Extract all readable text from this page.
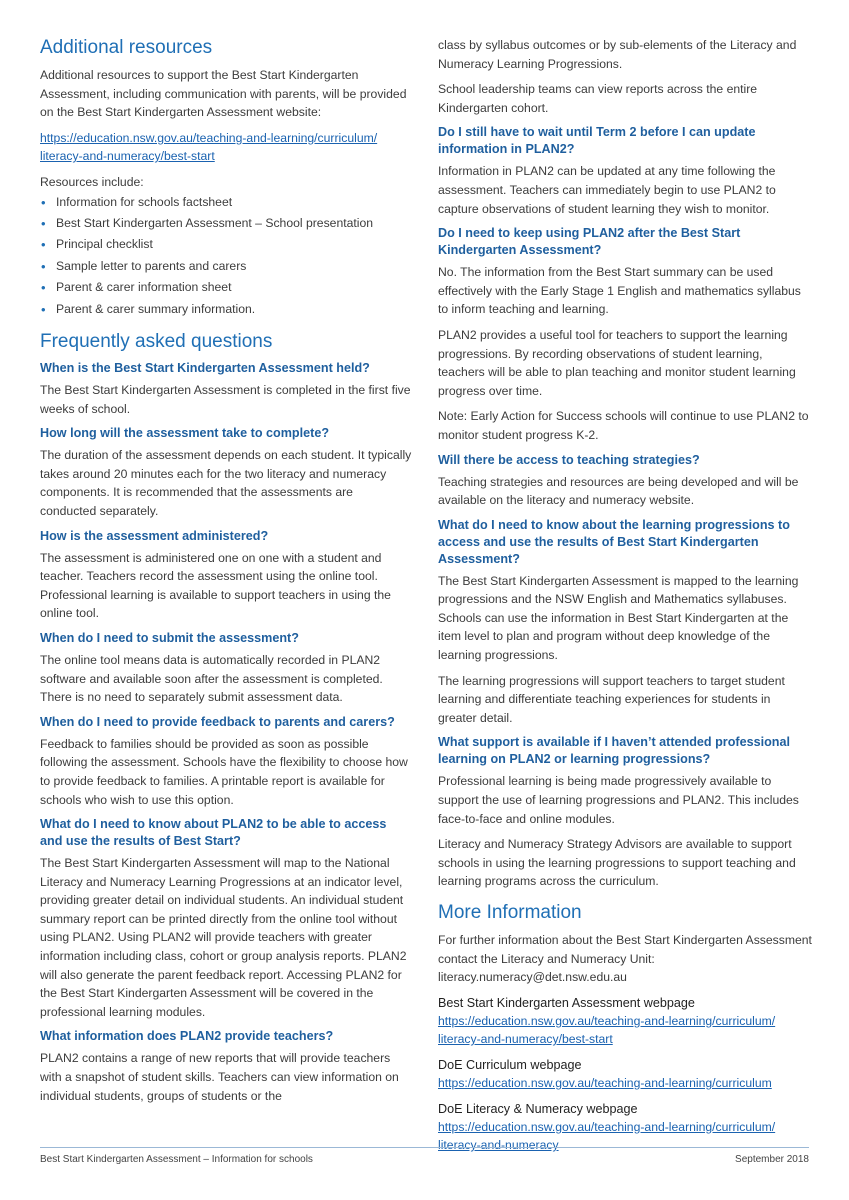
Additional resources

Additional resources to support the Best Start Kindergarten Assessment, including communication with parents, will be provided on the Best Start Kindergarten Assessment website:

https://education.nsw.gov.au/teaching-and-learning/curriculum/
literacy-and-numeracy/best-start

Resources include:

• Information for schools factsheet
• Best Start Kindergarten Assessment – School presentation
• Principal checklist
• Sample letter to parents and carers
• Parent & carer information sheet
• Parent & carer summary information.
Frequently asked questions
When is the Best Start Kindergarten Assessment held?

The Best Start Kindergarten Assessment is completed in the first five weeks of school.

How long will the assessment take to complete?

The duration of the assessment depends on each student. It typically takes around 20 minutes each for the two literacy and numeracy components. It is recommended that the assessments are conducted separately.

How is the assessment administered?

The assessment is administered one on one with a student and teacher. Teachers record the assessment using the online tool. Professional learning is available to support teachers in using the online tool.

When do I need to submit the assessment?

The online tool means data is automatically recorded in PLAN2 software and available soon after the assessment is completed. There is no need to separately submit assessment data.

When do I need to provide feedback to parents and carers?

Feedback to families should be provided as soon as possible following the assessment. Schools have the flexibility to choose how to provide feedback to families. A printable report is available for schools who wish to use this option.

What do I need to know about PLAN2 to be able to access and use the results of Best Start?

The Best Start Kindergarten Assessment will map to the National Literacy and Numeracy Learning Progressions at an indicator level, providing greater detail on individual students. An individual student summary report can be printed directly from the online tool without using PLAN2. Using PLAN2 will provide teachers with greater information including class, cohort or group analysis reports. PLAN2 will also generate the parent feedback report. Accessing PLAN2 for the Best Start Kindergarten Assessment will be covered in the professional learning modules.

What information does PLAN2 provide teachers?

PLAN2 contains a range of new reports that will provide teachers with a snapshot of student skills. Teachers can view information on individual students, groups of students or the

class by syllabus outcomes or by sub-elements of the Literacy and Numeracy Learning Progressions.

School leadership teams can view reports across the entire Kindergarten cohort.

Do I still have to wait until Term 2 before I can update information in PLAN2?

Information in PLAN2 can be updated at any time following the assessment. Teachers can immediately begin to use PLAN2 to capture observations of student learning they wish to monitor.

Do I need to keep using PLAN2 after the Best Start Kindergarten Assessment?

No. The information from the Best Start summary can be used effectively with the Early Stage 1 English and mathematics syllabus to inform teaching and learning.

PLAN2 provides a useful tool for teachers to support the learning progressions. By recording observations of student learning, teachers will be able to plan teaching and monitor student learning progress over time.

Note: Early Action for Success schools will continue to use PLAN2 to monitor student progress K-2.

Will there be access to teaching strategies?

Teaching strategies and resources are being developed and will be available on the literacy and numeracy website.

What do I need to know about the learning progressions to access and use the results of Best Start Kindergarten Assessment?

The Best Start Kindergarten Assessment is mapped to the learning progressions and the NSW English and Mathematics syllabuses. Schools can use the information in Best Start Kindergarten at the item level to plan and program without deep knowledge of the learning progressions.

The learning progressions will support teachers to target student learning and differentiate teaching experiences for students in greater detail.

What support is available if I haven’t attended professional learning on PLAN2 or learning progressions?

Professional learning is being made progressively available to support the use of learning progressions and PLAN2. This includes face-to-face and online modules.

Literacy and Numeracy Strategy Advisors are available to support schools in using the learning progressions to support teaching and learning programs across the curriculum.

More Information

For further information about the Best Start Kindergarten Assessment contact the Literacy and Numeracy Unit: literacy.numeracy@det.nsw.edu.au

Best Start Kindergarten Assessment webpage
https://education.nsw.gov.au/teaching-and-learning/curriculum/
literacy-and-numeracy/best-start
DoE Curriculum webpage
https://education.nsw.gov.au/teaching-and-learning/curriculum
DoE Literacy & Numeracy webpage
https://education.nsw.gov.au/teaching-and-learning/curriculum/
literacy-and-numeracy
Best Start Kindergarten Assessment – Information for schools	September 2018
